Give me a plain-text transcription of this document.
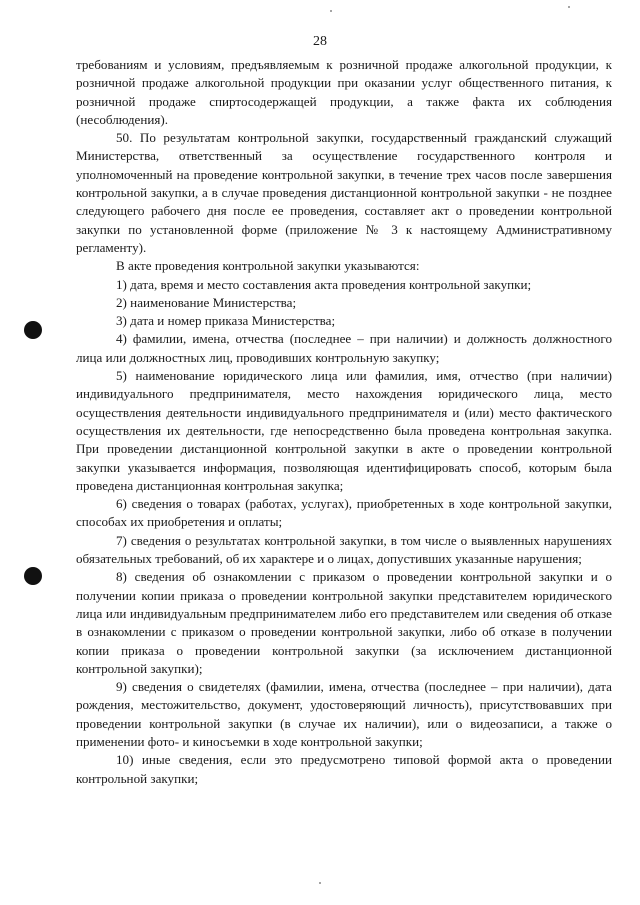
28

требованиям и условиям, предъявляемым к розничной продаже алкогольной продукции, к розничной продаже алкогольной продукции при оказании услуг общественного питания, к розничной продаже спиртосодержащей продукции, а также факта их соблюдения (несоблюдения).

50. По результатам контрольной закупки, государственный гражданский служащий Министерства, ответственный за осуществление государственного контроля и уполномоченный на проведение контрольной закупки, в течение трех часов после завершения контрольной закупки, а в случае проведения дистанционной контрольной закупки - не позднее следующего рабочего дня после ее проведения, составляет акт о проведении контрольной закупки по установленной форме (приложение № 3 к настоящему Административному регламенту).

В акте проведения контрольной закупки указываются:

1) дата, время и место составления акта проведения контрольной закупки;

2) наименование Министерства;

3) дата и номер приказа Министерства;

4) фамилии, имена, отчества (последнее – при наличии) и должность должностного лица или должностных лиц, проводивших контрольную закупку;

5) наименование юридического лица или фамилия, имя, отчество (при наличии) индивидуального предпринимателя, место нахождения юридического лица, место осуществления деятельности индивидуального предпринимателя и (или) место фактического осуществления их деятельности, где непосредственно была проведена контрольная закупка. При проведении дистанционной контрольной закупки в акте о проведении контрольной закупки указывается информация, позволяющая идентифицировать способ, которым была проведена дистанционная контрольная закупка;

6) сведения о товарах (работах, услугах), приобретенных в ходе контрольной закупки, способах их приобретения и оплаты;

7) сведения о результатах контрольной закупки, в том числе о выявленных нарушениях обязательных требований, об их характере и о лицах, допустивших указанные нарушения;

8) сведения об ознакомлении с приказом о проведении контрольной закупки и о получении копии приказа о проведении контрольной закупки представителем юридического лица или индивидуальным предпринимателем либо его представителем или сведения об отказе в ознакомлении с приказом о проведении контрольной закупки, либо об отказе в получении копии приказа о проведении контрольной закупки (за исключением дистанционной контрольной закупки);

9) сведения о свидетелях (фамилии, имена, отчества (последнее – при наличии), дата рождения, местожительство, документ, удостоверяющий личность), присутствовавших при проведении контрольной закупки (в случае их наличии), или о видеозаписи, а также о применении фото- и киносъемки в ходе контрольной закупки;

10) иные сведения, если это предусмотрено типовой формой акта о проведении контрольной закупки;
